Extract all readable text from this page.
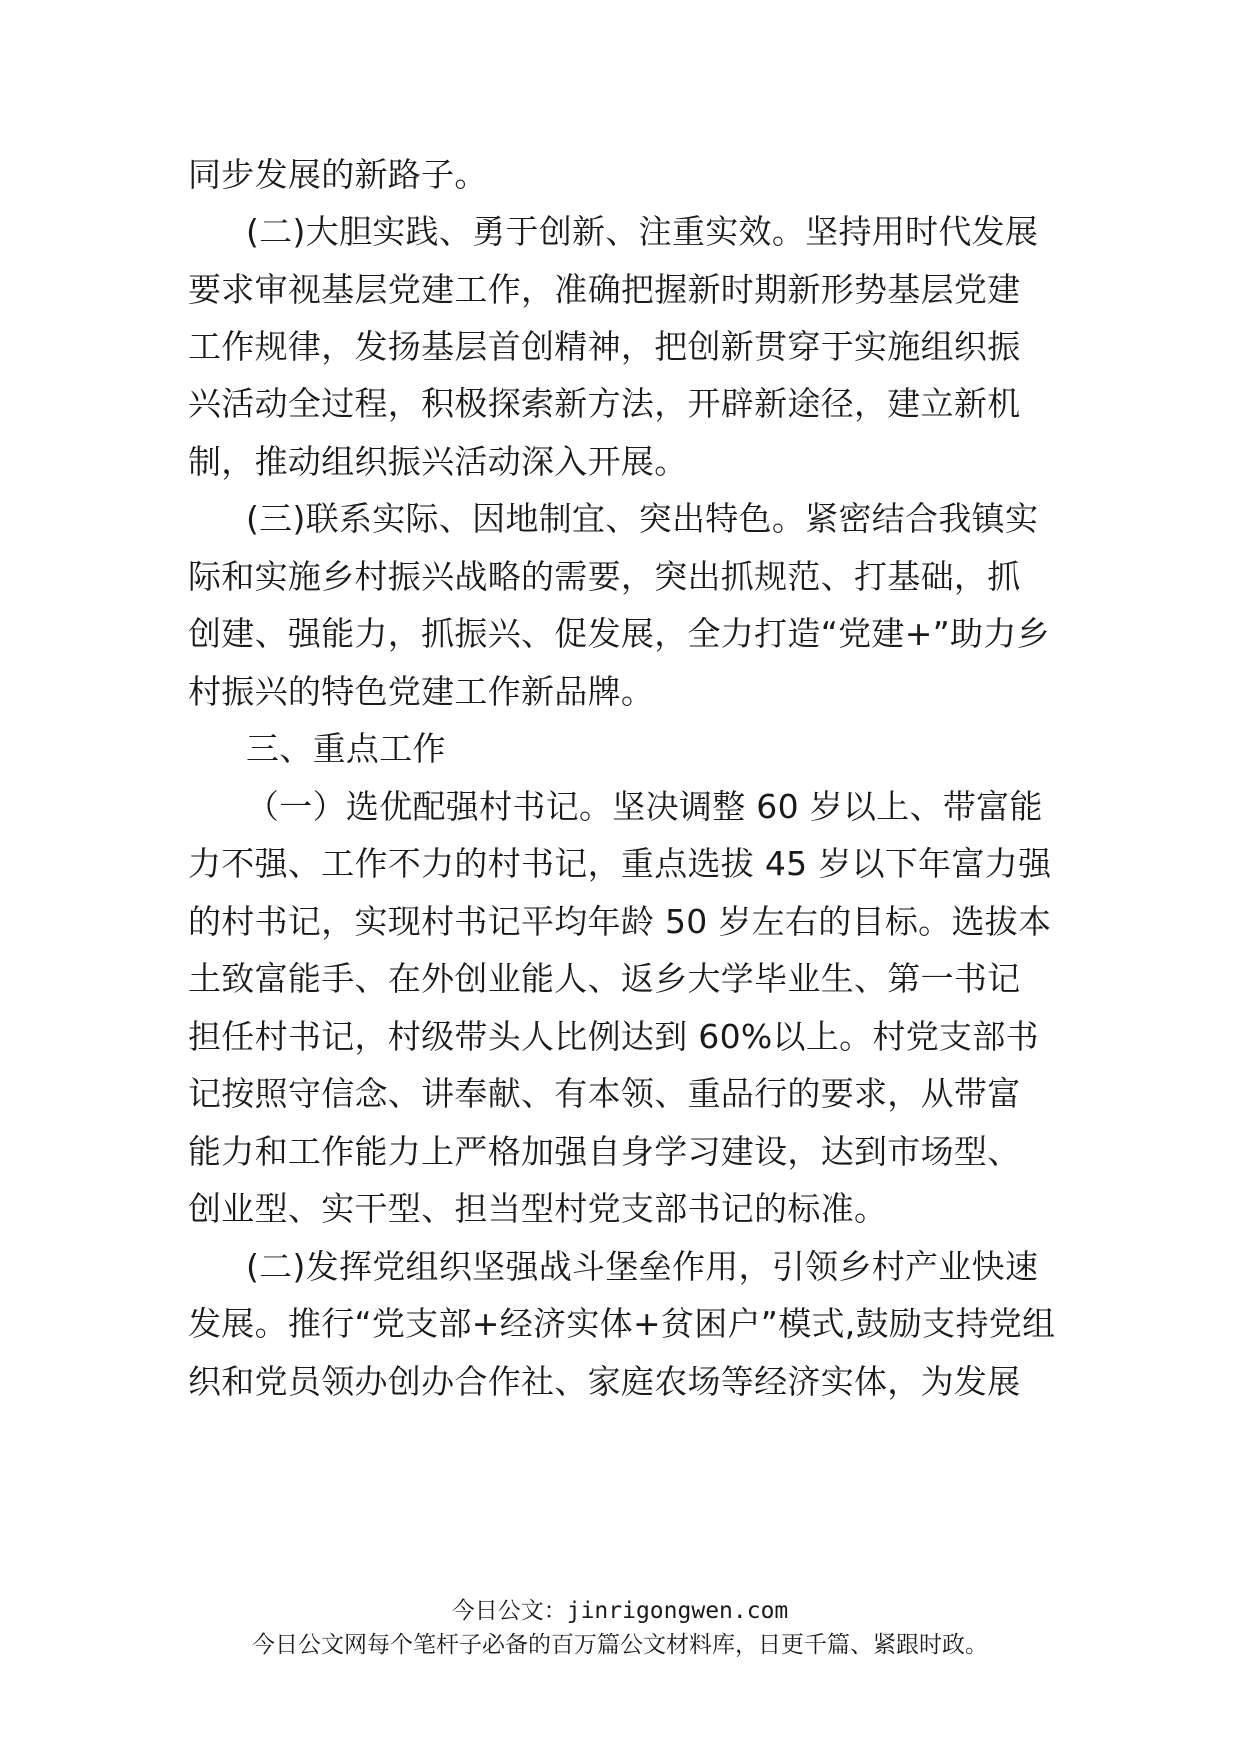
同步发展的新路子。
(二)大胆实践、勇于创新、注重实效。坚持用时代发展
要求审视基层党建工作，准确把握新时期新形势基层党建
工作规律，发扬基层首创精神，把创新贯穿于实施组织振
兴活动全过程，积极探索新方法，开辟新途径，建立新机
制，推动组织振兴活动深入开展。
(三)联系实际、因地制宜、突出特色。紧密结合我镇实
际和实施乡村振兴战略的需要，突出抓规范、打基础，抓
创建、强能力，抓振兴、促发展，全力打造“党建+”助力乡
村振兴的特色党建工作新品牌。
三、重点工作
（一）选优配强村书记。坚决调整 60 岁以上、带富能
力不强、工作不力的村书记，重点选拔 45 岁以下年富力强
的村书记，实现村书记平均年龄 50 岁左右的目标。选拔本
土致富能手、在外创业能人、返乡大学毕业生、第一书记
担任村书记，村级带头人比例达到 60%以上。村党支部书
记按照守信念、讲奉献、有本领、重品行的要求，从带富
能力和工作能力上严格加强自身学习建设，达到市场型、
创业型、实干型、担当型村党支部书记的标准。
(二)发挥党组织坚强战斗堡垒作用，引领乡村产业快速
发展。推行“党支部+经济实体+贫困户”模式,鼓励支持党组
织和党员领办创办合作社、家庭农场等经济实体，为发展
今日公文：jinrigongwen.com
今日公文网每个笔杆子必备的百万篇公文材料库，日更千篇、紧跟时政。
